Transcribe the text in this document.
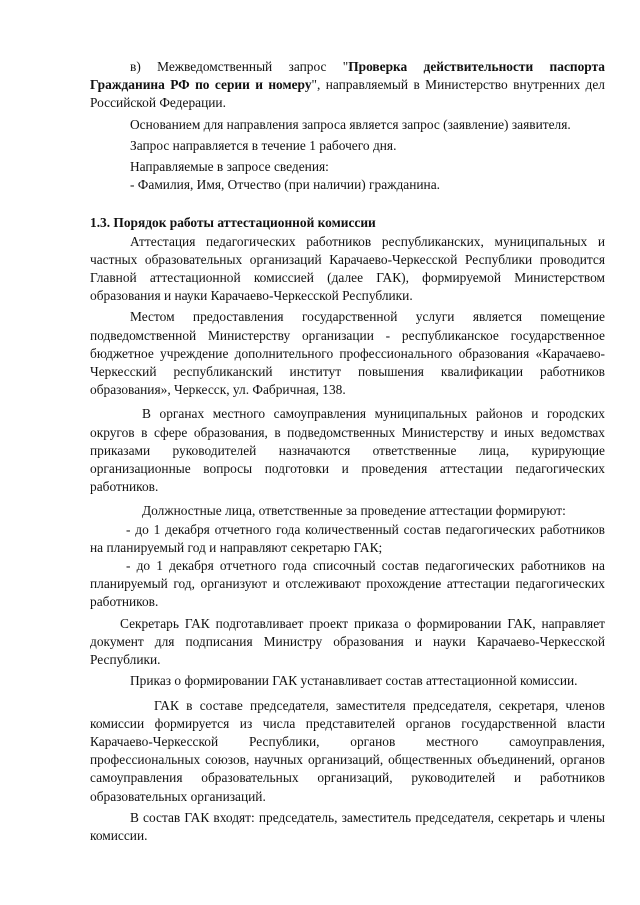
в) Межведомственный запрос "Проверка действительности паспорта Гражданина РФ по серии и номеру", направляемый в Министерство внутренних дел Российской Федерации.

Основанием для направления запроса является запрос (заявление) заявителя.

Запрос направляется в течение 1 рабочего дня.

Направляемые в запросе сведения:

- Фамилия, Имя, Отчество (при наличии) гражданина.

1.3. Порядок работы аттестационной комиссии

Аттестация педагогических работников республиканских, муниципальных и частных образовательных организаций Карачаево-Черкесской Республики проводится Главной аттестационной комиссией (далее ГАК), формируемой Министерством образования и науки Карачаево-Черкесской Республики.

Местом предоставления государственной услуги является помещение подведомственной Министерству организации - республиканское государственное бюджетное учреждение дополнительного профессионального образования «Карачаево-Черкесский республиканский институт повышения квалификации работников образования», Черкесск, ул. Фабричная, 138.

В органах местного самоуправления муниципальных районов и городских округов в сфере образования, в подведомственных Министерству и иных ведомствах приказами руководителей назначаются ответственные лица, курирующие организационные вопросы подготовки и проведения аттестации педагогических работников.

Должностные лица, ответственные за проведение аттестации формируют:

- до 1 декабря отчетного года количественный состав педагогических работников на планируемый год и направляют секретарю ГАК;

- до 1 декабря отчетного года списочный состав педагогических работников на планируемый год, организуют и отслеживают прохождение аттестации педагогических работников.

Секретарь ГАК подготавливает проект приказа о формировании ГАК, направляет документ для подписания Министру образования и науки Карачаево-Черкесской Республики.

Приказ о формировании ГАК устанавливает состав аттестационной комиссии.

ГАК в составе председателя, заместителя председателя, секретаря, членов комиссии формируется из числа представителей органов государственной власти Карачаево-Черкесской Республики, органов местного самоуправления, профессиональных союзов, научных организаций, общественных объединений, органов самоуправления образовательных организаций, руководителей и работников образовательных организаций.

В состав ГАК входят: председатель, заместитель председателя, секретарь и члены комиссии.
